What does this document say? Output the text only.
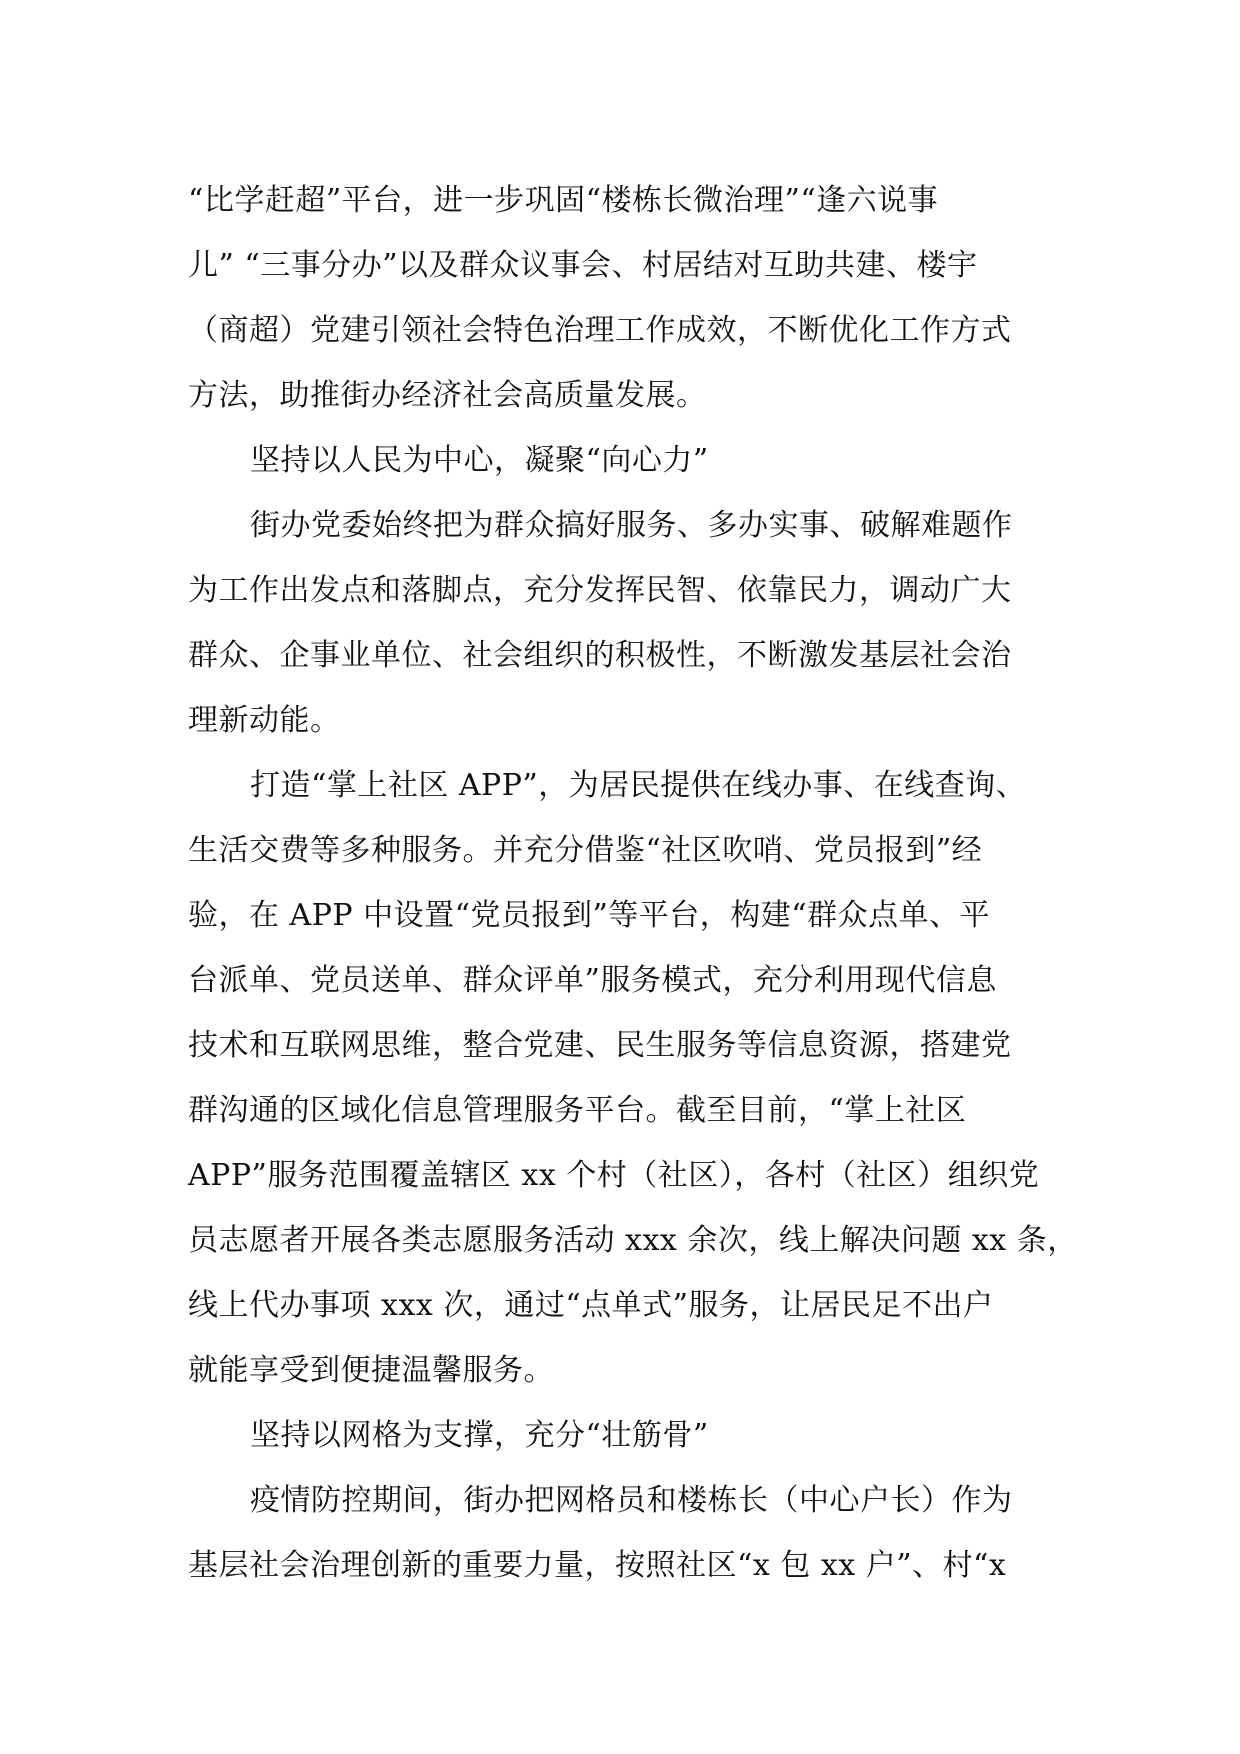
“比学赶超”平台，进一步巩固“楼栋长微治理”“逢六说事
儿” “三事分办”以及群众议事会、村居结对互助共建、楼宇
（商超）党建引领社会特色治理工作成效，不断优化工作方式
方法，助推街办经济社会高质量发展。

坚持以人民为中心，凝聚“向心力”

街办党委始终把为群众搞好服务、多办实事、破解难题作
为工作出发点和落脚点，充分发挥民智、依靠民力，调动广大
群众、企事业单位、社会组织的积极性，不断激发基层社会治
理新动能。

打造“掌上社区 APP”，为居民提供在线办事、在线查询、
生活交费等多种服务。并充分借鉴“社区吹哨、党员报到”经
验，在 APP 中设置“党员报到”等平台，构建“群众点单、平
台派单、党员送单、群众评单”服务模式，充分利用现代信息
技术和互联网思维，整合党建、民生服务等信息资源，搭建党
群沟通的区域化信息管理服务平台。截至目前，“掌上社区
APP”服务范围覆盖辖区 xx 个村（社区），各村（社区）组织党
员志愿者开展各类志愿服务活动 xxx 余次，线上解决问题 xx 条，
线上代办事项 xxx 次，通过“点单式”服务，让居民足不出户
就能享受到便捷温馨服务。

坚持以网格为支撑，充分“壮筋骨”

疫情防控期间，街办把网格员和楼栋长（中心户长）作为
基层社会治理创新的重要力量，按照社区“x 包 xx 户”、村“x
